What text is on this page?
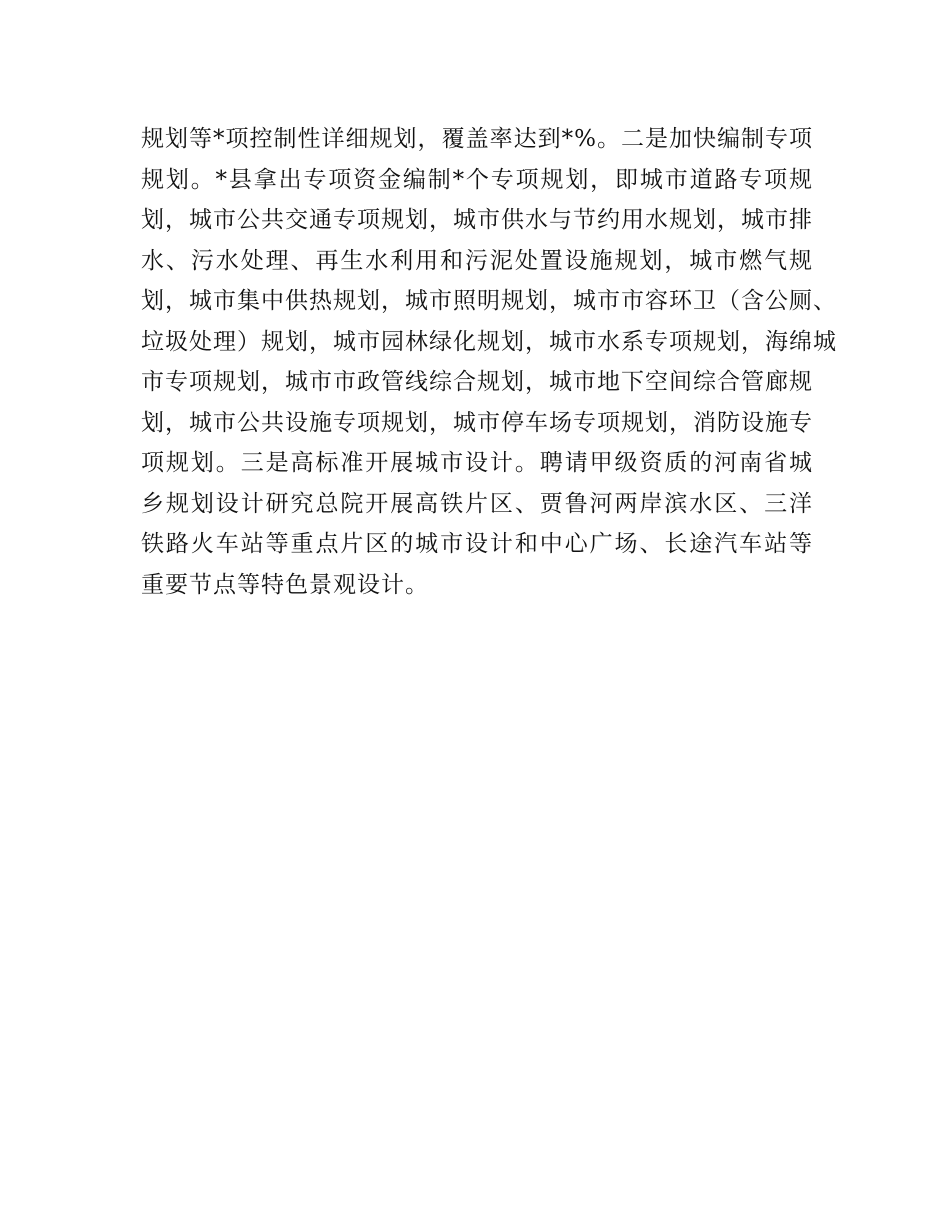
规划等*项控制性详细规划，覆盖率达到*%。二是加快编制专项
规划。*县拿出专项资金编制*个专项规划，即城市道路专项规
划，城市公共交通专项规划，城市供水与节约用水规划，城市排
水、污水处理、再生水利用和污泥处置设施规划，城市燃气规
划，城市集中供热规划，城市照明规划，城市市容环卫（含公厕、
垃圾处理）规划，城市园林绿化规划，城市水系专项规划，海绵城
市专项规划，城市市政管线综合规划，城市地下空间综合管廊规
划，城市公共设施专项规划，城市停车场专项规划，消防设施专
项规划。三是高标准开展城市设计。聘请甲级资质的河南省城
乡规划设计研究总院开展高铁片区、贾鲁河两岸滨水区、三洋
铁路火车站等重点片区的城市设计和中心广场、长途汽车站等
重要节点等特色景观设计。
